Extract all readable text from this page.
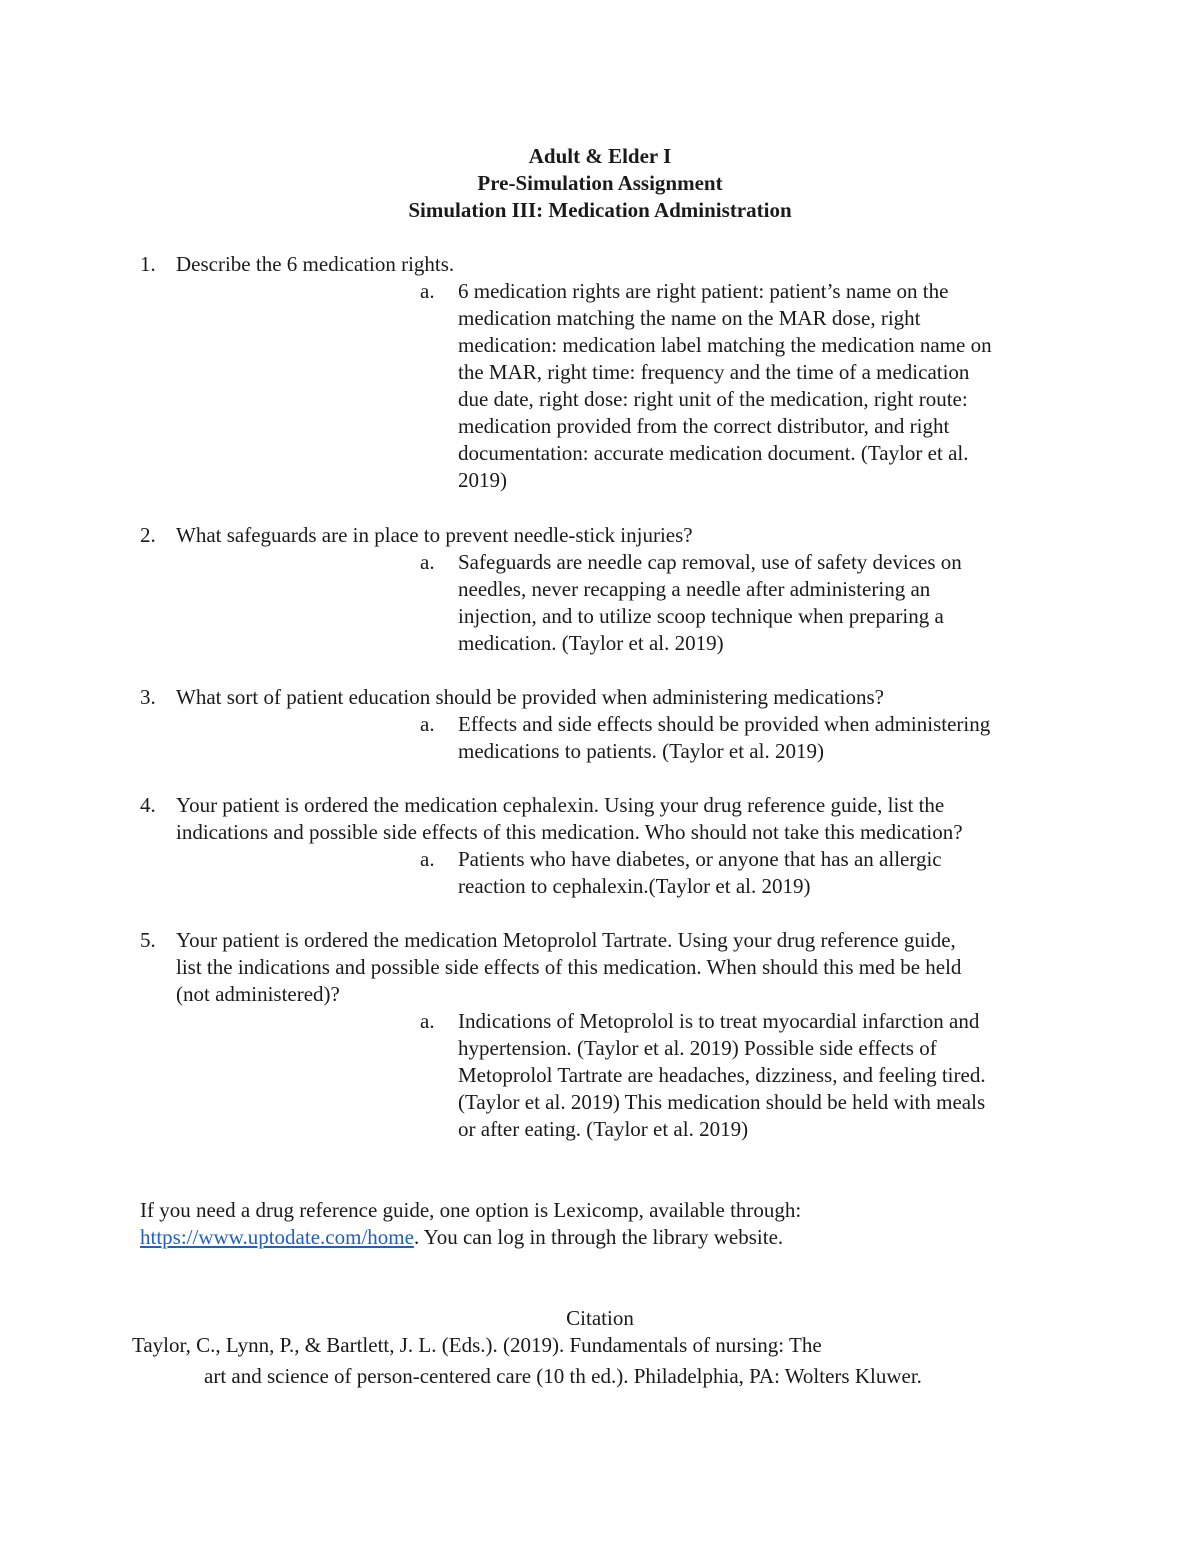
Adult & Elder I
Pre-Simulation Assignment
Simulation III: Medication Administration
1. Describe the 6 medication rights.
a. 6 medication rights are right patient: patient’s name on the
medication matching the name on the MAR dose, right
medication: medication label matching the medication name on
the MAR, right time: frequency and the time of a medication
due date, right dose: right unit of the medication, right route:
medication provided from the correct distributor, and right
documentation: accurate medication document. (Taylor et al.
2019)
2. What safeguards are in place to prevent needle-stick injuries?
a. Safeguards are needle cap removal, use of safety devices on
needles, never recapping a needle after administering an
injection, and to utilize scoop technique when preparing a
medication. (Taylor et al. 2019)
3. What sort of patient education should be provided when administering medications?
a. Effects and side effects should be provided when administering
medications to patients. (Taylor et al. 2019)
4. Your patient is ordered the medication cephalexin. Using your drug reference guide, list the
indications and possible side effects of this medication. Who should not take this medication?
a. Patients who have diabetes, or anyone that has an allergic
reaction to cephalexin.(Taylor et al. 2019)
5. Your patient is ordered the medication Metoprolol Tartrate. Using your drug reference guide,
list the indications and possible side effects of this medication. When should this med be held
(not administered)?
a. Indications of Metoprolol is to treat myocardial infarction and
hypertension. (Taylor et al. 2019) Possible side effects of
Metoprolol Tartrate are headaches, dizziness, and feeling tired.
(Taylor et al. 2019) This medication should be held with meals
or after eating. (Taylor et al. 2019)
If you need a drug reference guide, one option is Lexicomp, available through:
https://www.uptodate.com/home. You can log in through the library website.
Citation
Taylor, C., Lynn, P., & Bartlett, J. L. (Eds.). (2019). Fundamentals of nursing: The
art and science of person-centered care (10 th ed.). Philadelphia, PA: Wolters Kluwer.
